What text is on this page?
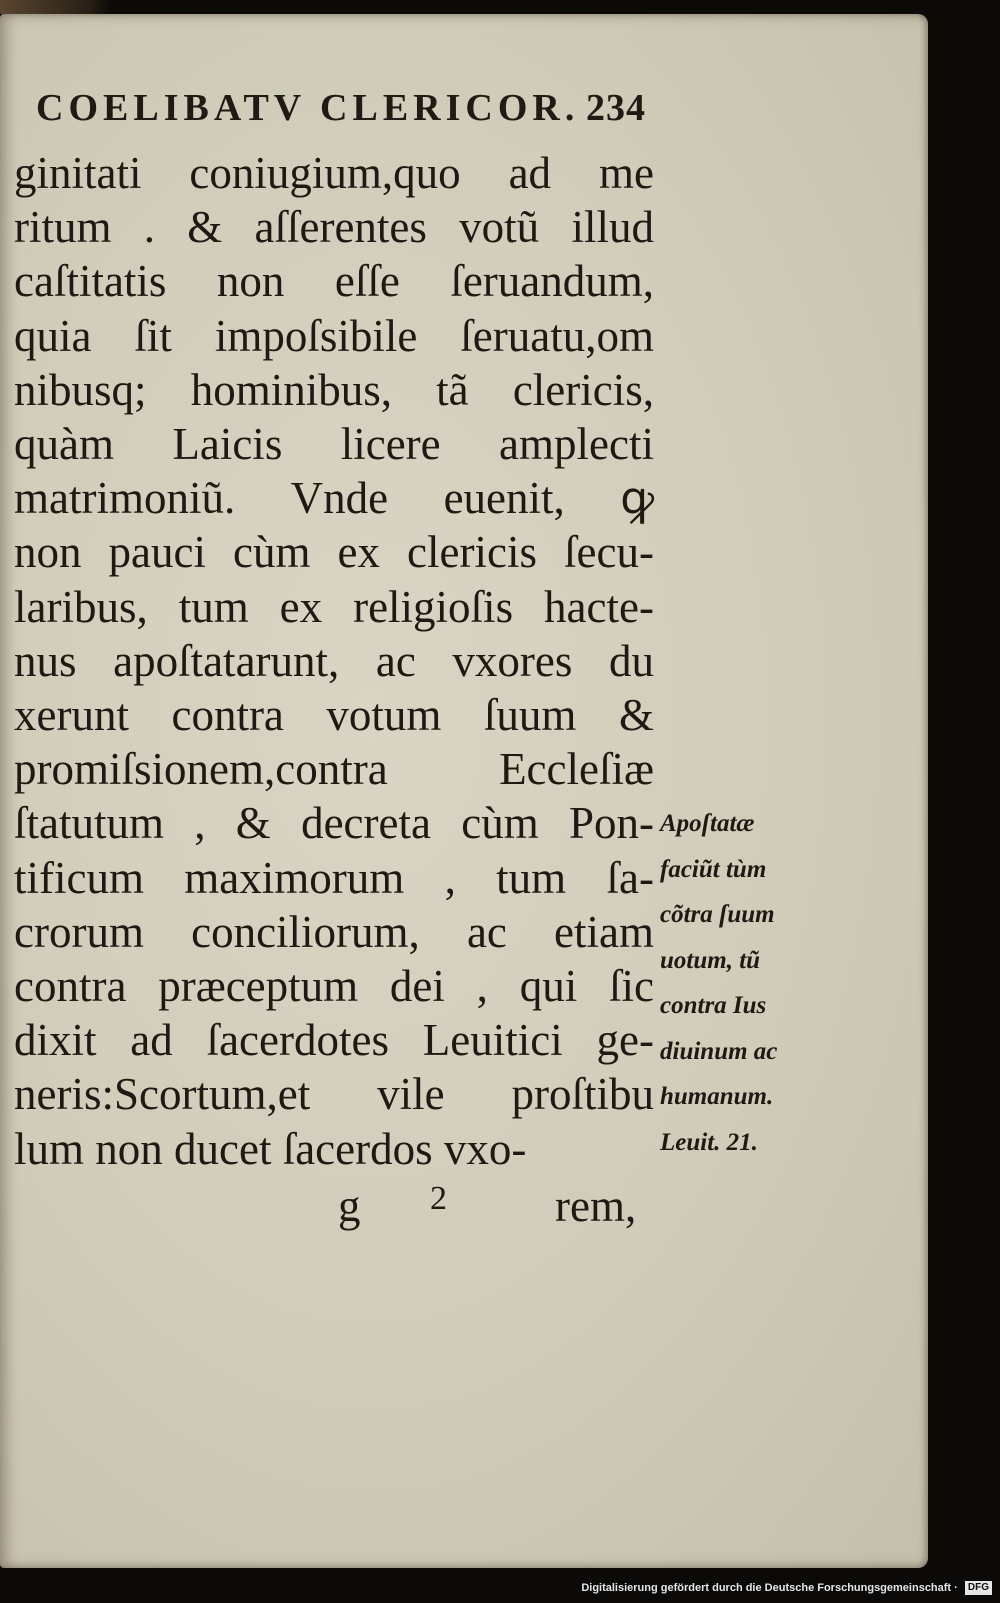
COELIBATV CLERICOR. 234
ginitati coniugium,quo ad me
ritum . & aſſerentes votũ illud
caſtitatis non eſſe ſeruandum,
quia ſit impoſsibile ſeruatu,om
nibusq; hominibus, tã clericis,
quàm Laicis licere amplecti
matrimoniũ. Vnde euenit, ꝙ
non pauci cùm ex clericis ſecu-
laribus, tum ex religioſis hacte-
nus apoſtatarunt, ac vxores du
xerunt contra votum ſuum &
promiſsionem,contra Eccleſiæ
ſtatutum , & decreta cùm Pon-
tificum maximorum , tum ſa-
crorum conciliorum, ac etiam
contra præceptum dei , qui ſic
dixit ad ſacerdotes Leuitici ge-
neris:Scortum,et vile proſtibu
lum non ducet ſacerdos vxo-
Apoſtatæ
faciũt tùm
cõtra ſuum
uotum, tũ
contra Ius
diuinum ac
humanum.
Leuit. 21.
g 2 rem,
Digitalisierung gefördert durch die Deutsche Forschungsgemeinschaft · DFG
